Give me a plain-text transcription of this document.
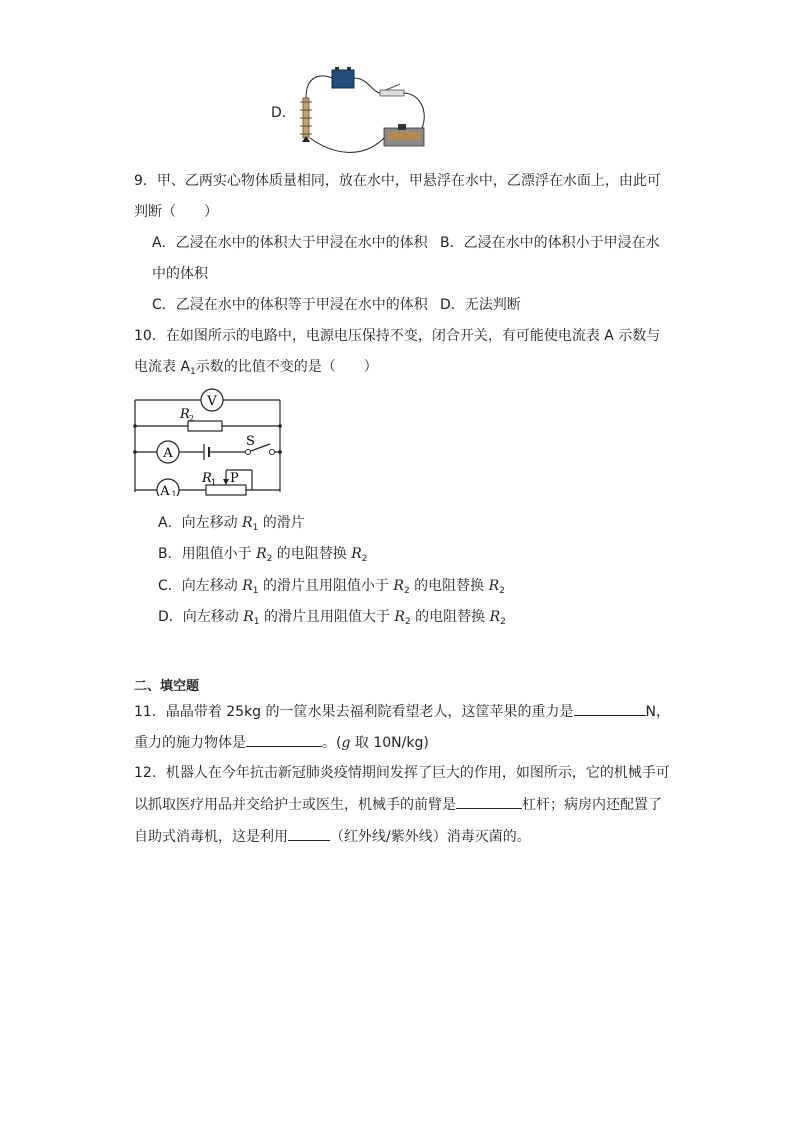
D.
9．甲、乙两实心物体质量相同，放在水中，甲悬浮在水中，乙漂浮在水面上，由此可
判断（　　）
A．乙浸在水中的体积大于甲浸在水中的体积 B．乙浸在水中的体积小于甲浸在水
中的体积
C．乙浸在水中的体积等于甲浸在水中的体积 D．无法判断
10．在如图所示的电路中，电源电压保持不变，闭合开关，有可能使电流表 A 示数与
电流表 $A_1$示数的比值不变的是（　　）
V
A
A 1
R 2
R 1 P
S
A．向左移动 $R_1$ 的滑片
B．用阻值小于 $R_2$ 的电阻替换 $R_2$
C．向左移动 $R_1$ 的滑片且用阻值小于 $R_2$ 的电阻替换 $R_2$
D．向左移动 $R_1$ 的滑片且用阻值大于 $R_2$ 的电阻替换 $R_2$
二、填空题
11．晶晶带着 25kg 的一筐水果去福利院看望老人，这筐苹果的重力是	N，
重力的施力物体是	。(g 取 10N/kg)
12．机器人在今年抗击新冠肺炎疫情期间发挥了巨大的作用，如图所示，它的机械手可
以抓取医疗用品并交给护士或医生，机械手的前臂是	杠杆；病房内还配置了
自助式消毒机，这是利用	（红外线/紫外线）消毒灭菌的。
